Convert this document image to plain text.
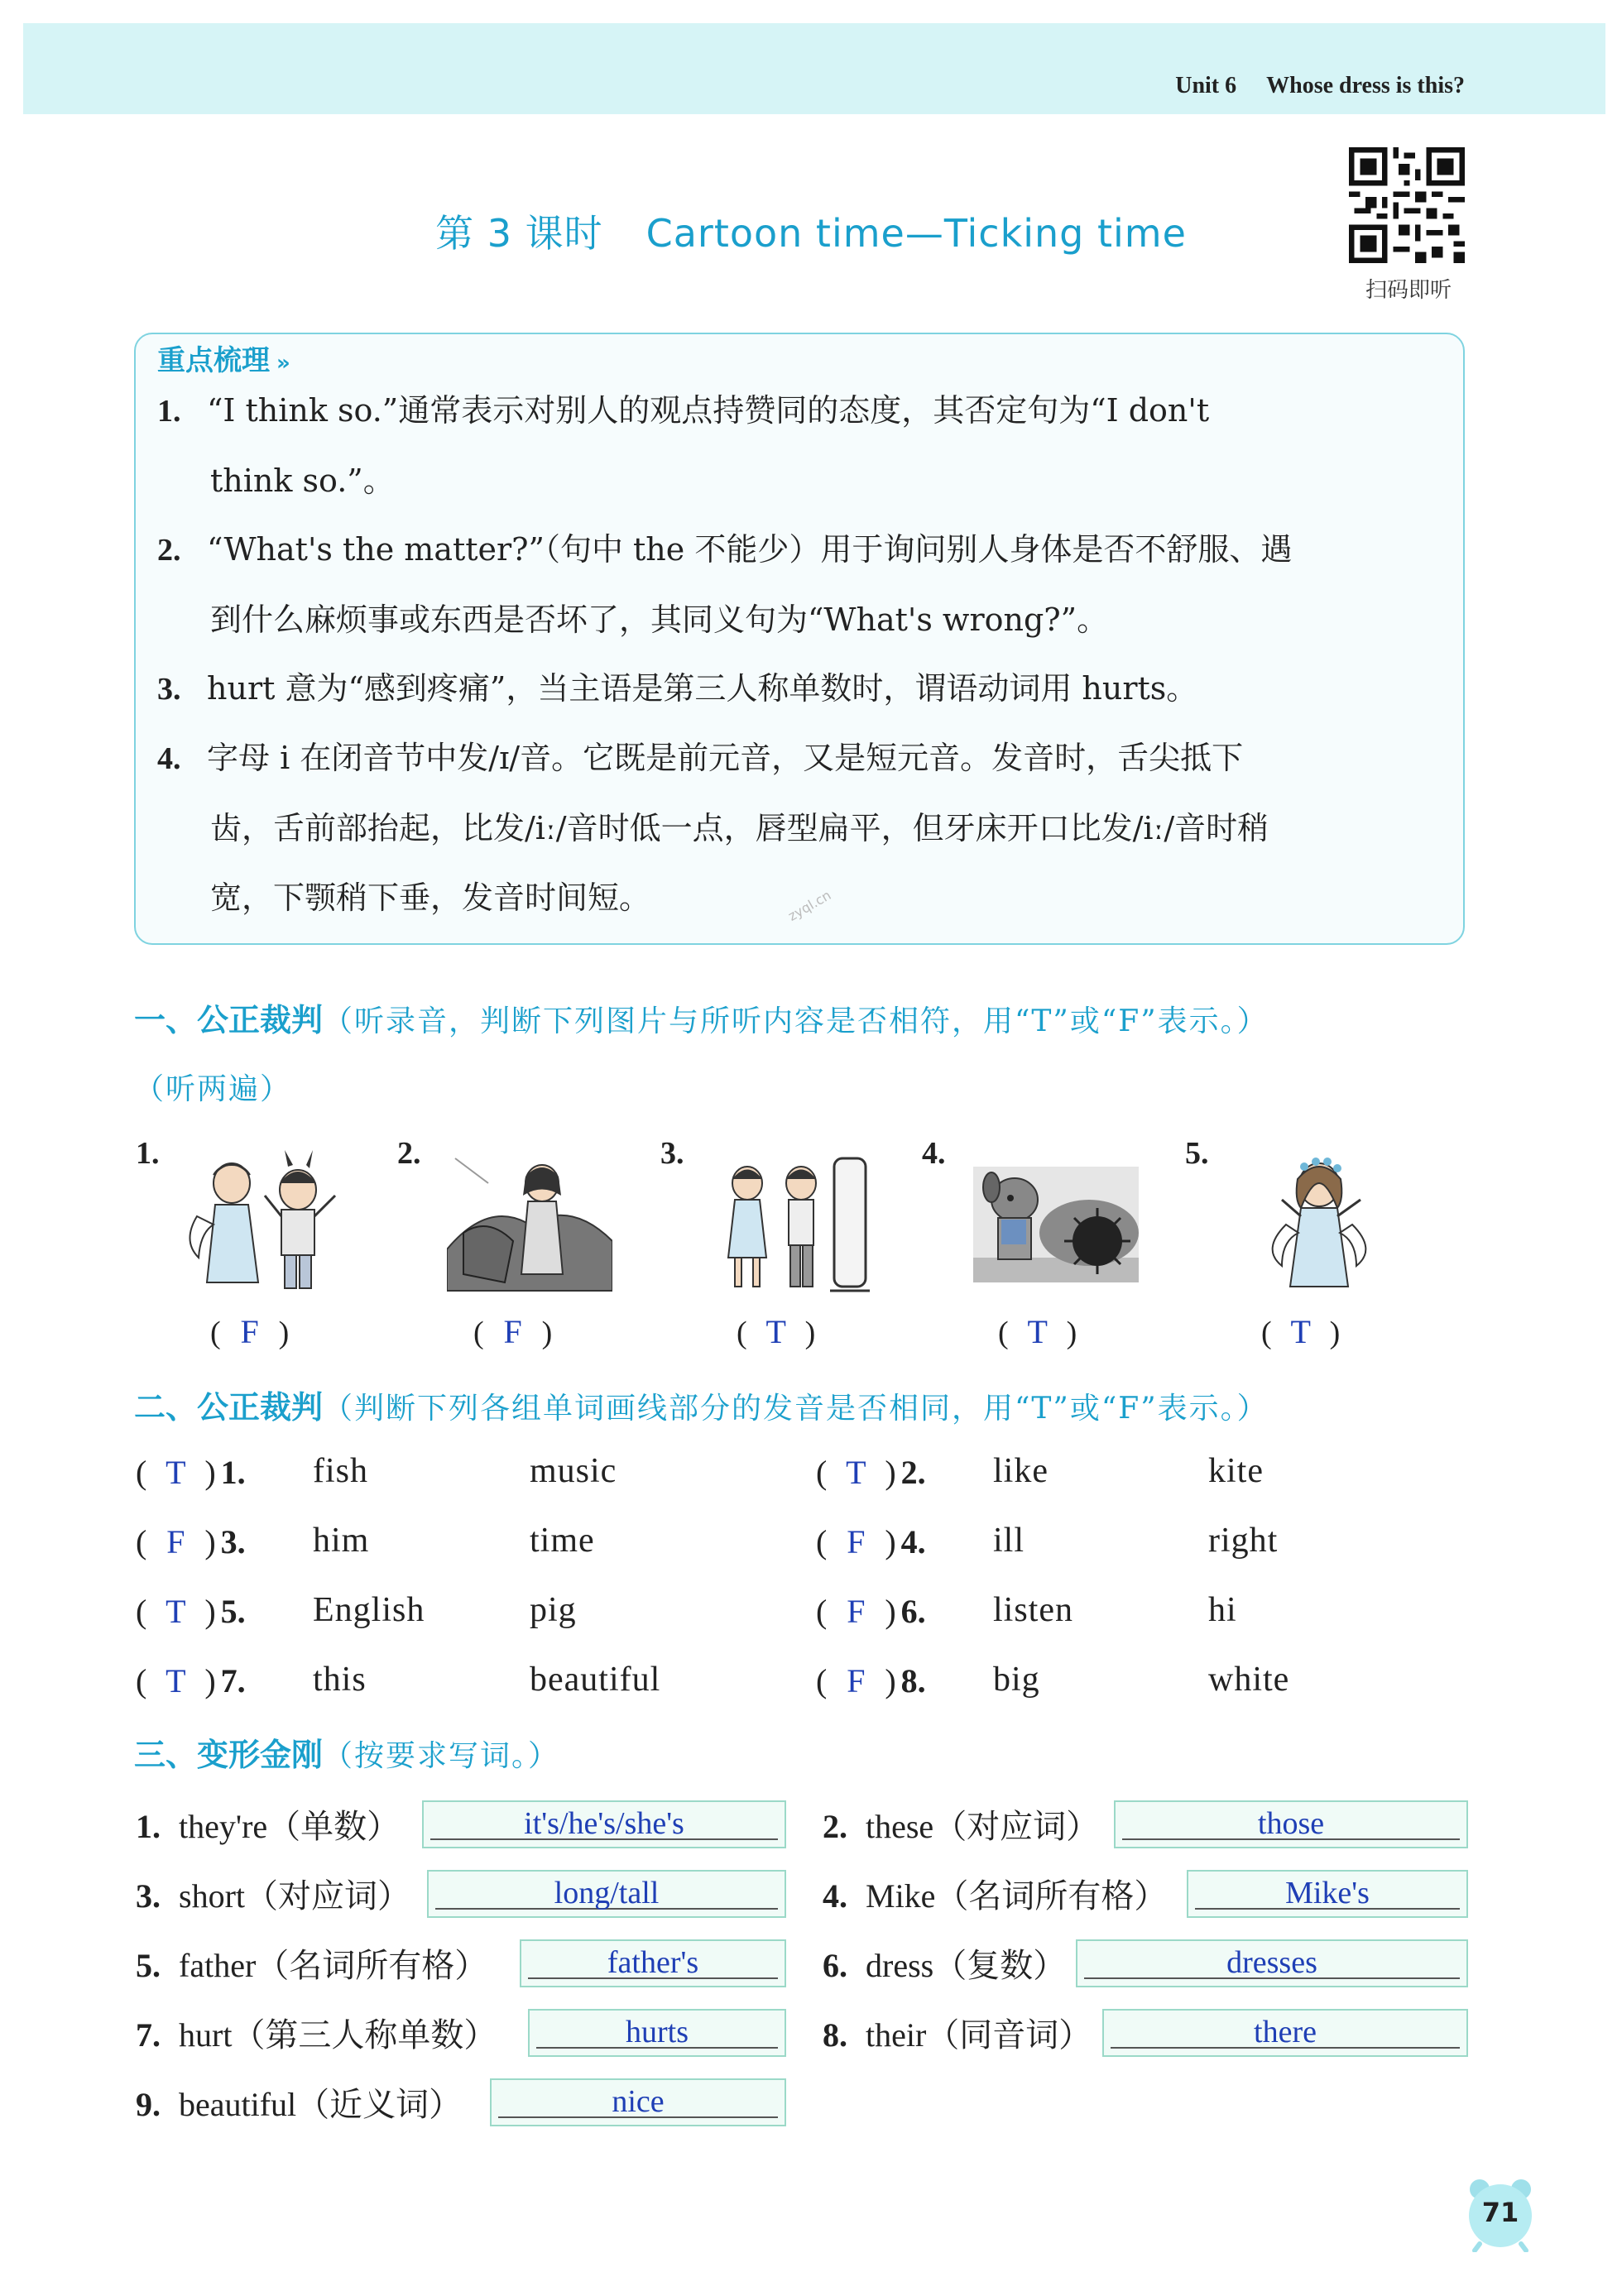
Unit 6 Whose dress is this?
第 3 课时 Cartoon time—Ticking time
扫码即听
重点梳理 »
1. “I think so.”通常表示对别人的观点持赞同的态度，其否定句为“I don't
think so.”。
2. “What's the matter?”（句中 the 不能少）用于询问别人身体是否不舒服、遇
到什么麻烦事或东西是否坏了，其同义句为“What's wrong?”。
3. hurt 意为“感到疼痛”，当主语是第三人称单数时，谓语动词用 hurts。
4. 字母 i 在闭音节中发/ɪ/音。它既是前元音，又是短元音。发音时，舌尖抵下
齿，舌前部抬起，比发/iː/音时低一点，唇型扁平，但牙床开口比发/iː/音时稍
宽，下颚稍下垂，发音时间短。	zyql.cn
一、公正裁判（听录音，判断下列图片与所听内容是否相符，用“T”或“F”表示。）
（听两遍）
1.	2.	3.	4.	5.
( F )	( F )	( T )	( T )	( T )
二、公正裁判（判断下列各组单词画线部分的发音是否相同，用“T”或“F”表示。）
( T ) 1.	fish	music	( T ) 2.	like	kite
( F ) 3.	him	time	( F ) 4.	ill	right
( T ) 5.	English	pig	( F ) 6.	listen	hi
( T ) 7.	this	beautiful	( F ) 8.	big	white
三、变形金刚（按要求写词。）
1. they're（单数）	it's/he's/she's	2. these（对应词）	those
3. short（对应词）	long/tall	4. Mike（名词所有格）	Mike's
5. father（名词所有格）	father's	6. dress（复数）	dresses
7. hurt（第三人称单数）	hurts	8. their（同音词）	there
9. beautiful（近义词）	nice
71
